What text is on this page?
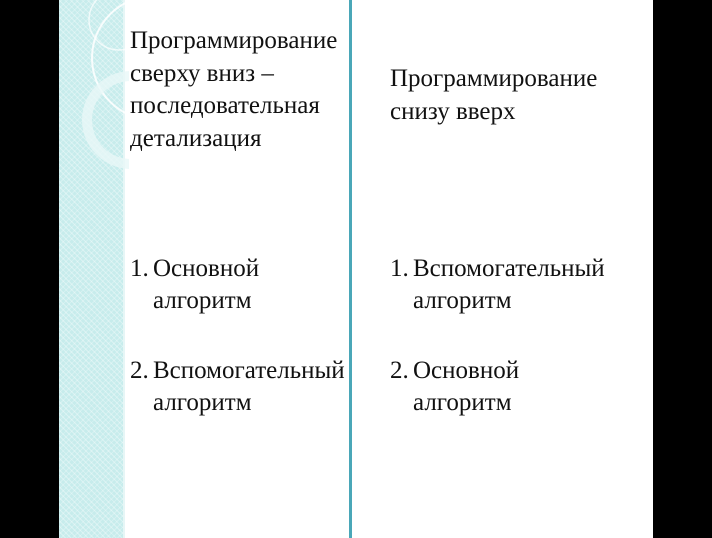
Программирование
сверху вниз –
последовательная
детализация
1. Основной
алгоритм
2. Вспомогательный
алгоритм
Программирование
снизу вверх
1. Вспомогательный
алгоритм
2. Основной
алгоритм
